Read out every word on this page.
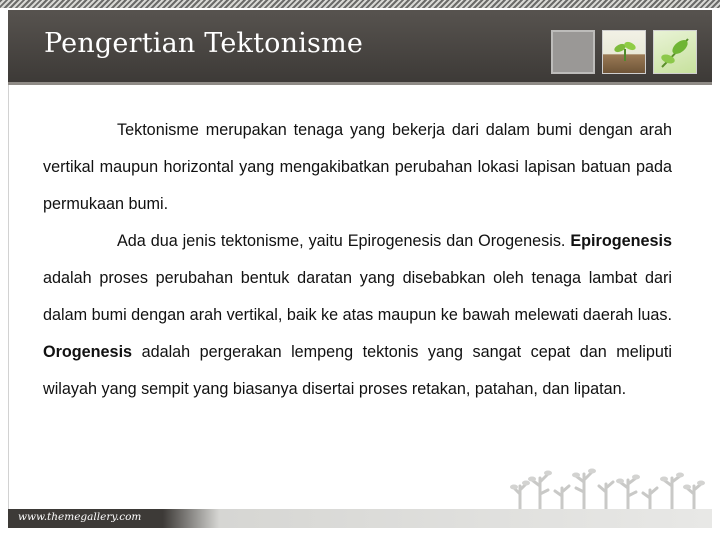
Pengertian Tektonisme

Tektonisme merupakan tenaga yang bekerja dari dalam bumi dengan arah vertikal maupun horizontal yang mengakibatkan perubahan lokasi lapisan batuan pada permukaan bumi.

Ada dua jenis tektonisme, yaitu Epirogenesis dan Orogenesis. Epirogenesis adalah proses perubahan bentuk daratan yang disebabkan oleh tenaga lambat dari dalam bumi dengan arah vertikal, baik ke atas maupun ke bawah melewati daerah luas. Orogenesis adalah pergerakan lempeng tektonis yang sangat cepat dan meliputi wilayah yang sempit yang biasanya disertai proses retakan, patahan, dan lipatan.

www.themegallery.com
